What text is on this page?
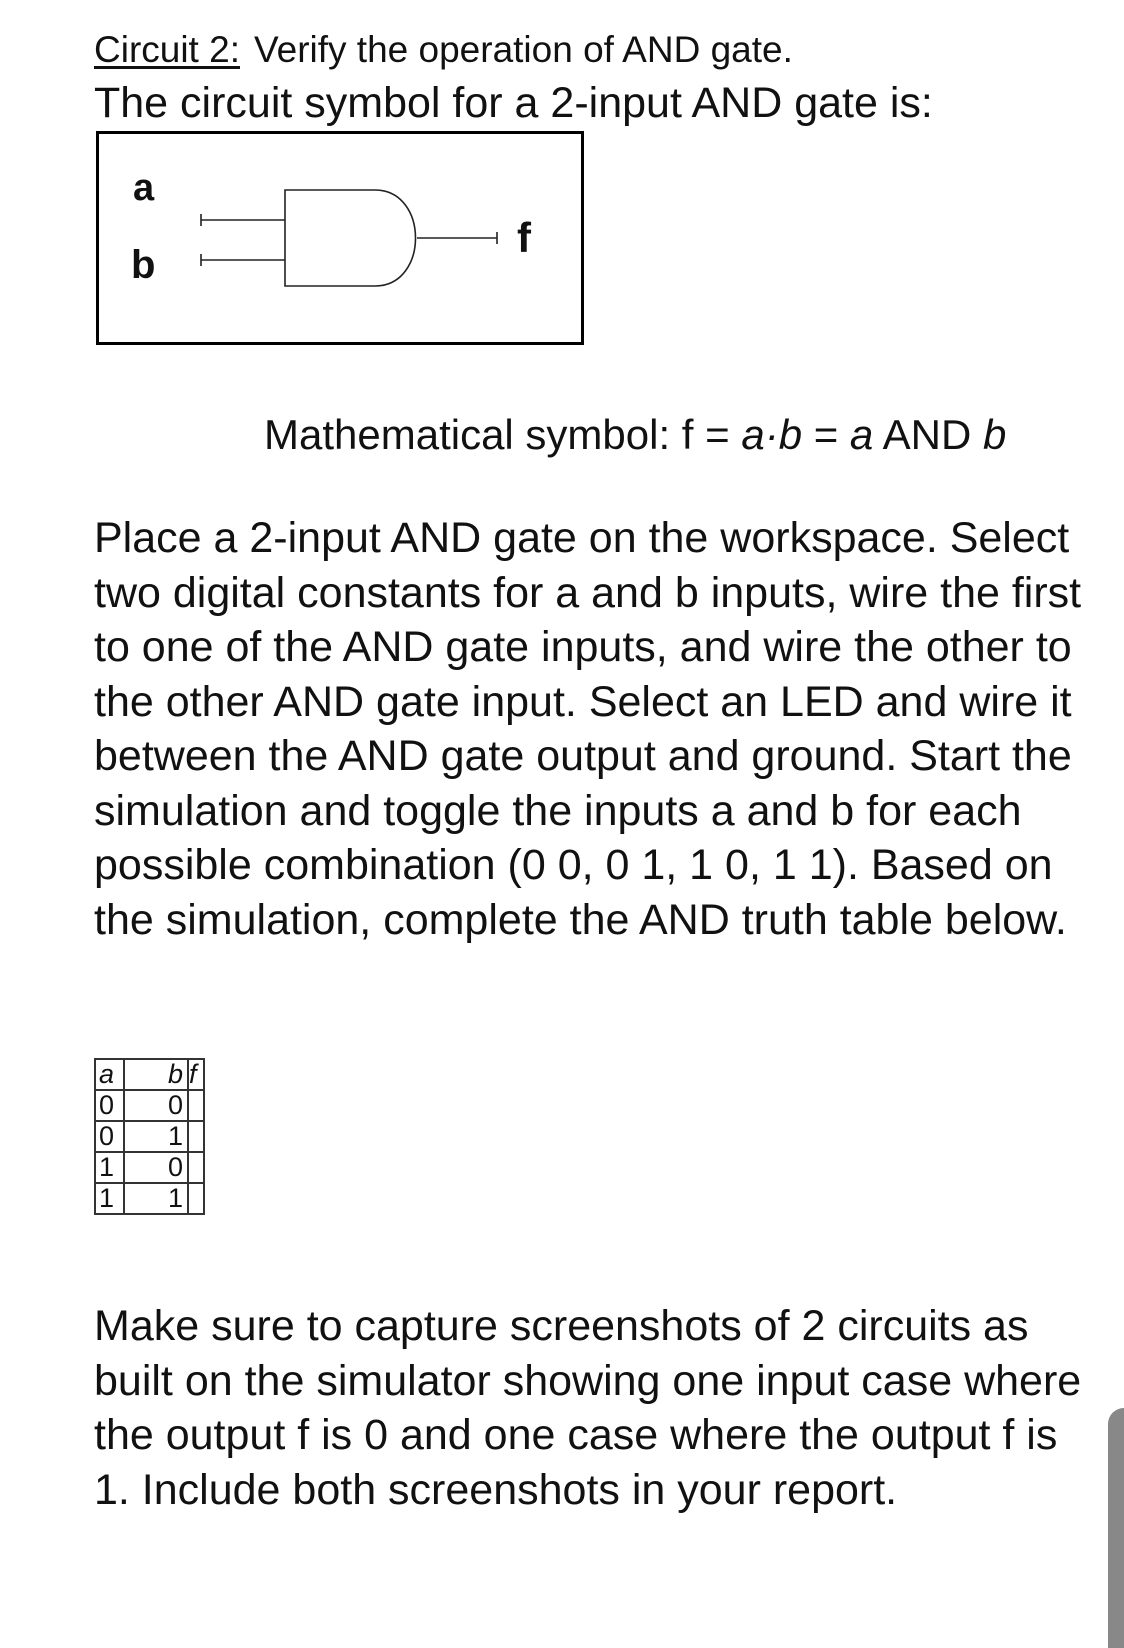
Circuit 2: Verify the operation of AND gate.
The circuit symbol for a 2-input AND gate is:
a
b
f
Mathematical symbol: f = a·b = a AND b
Place a 2-input AND gate on the workspace. Select two digital constants for a and b inputs, wire the first to one of the AND gate inputs, and wire the other to the other AND gate input. Select an LED and wire it between the AND gate output and ground. Start the simulation and toggle the inputs a and b for each possible combination (0 0, 0 1, 1 0, 1 1). Based on the simulation, complete the AND truth table below.
a	b	f
0	0	
0	1	
1	0	
1	1	
Make sure to capture screenshots of 2 circuits as built on the simulator showing one input case where the output f is 0 and one case where the output f is 1. Include both screenshots in your report.
